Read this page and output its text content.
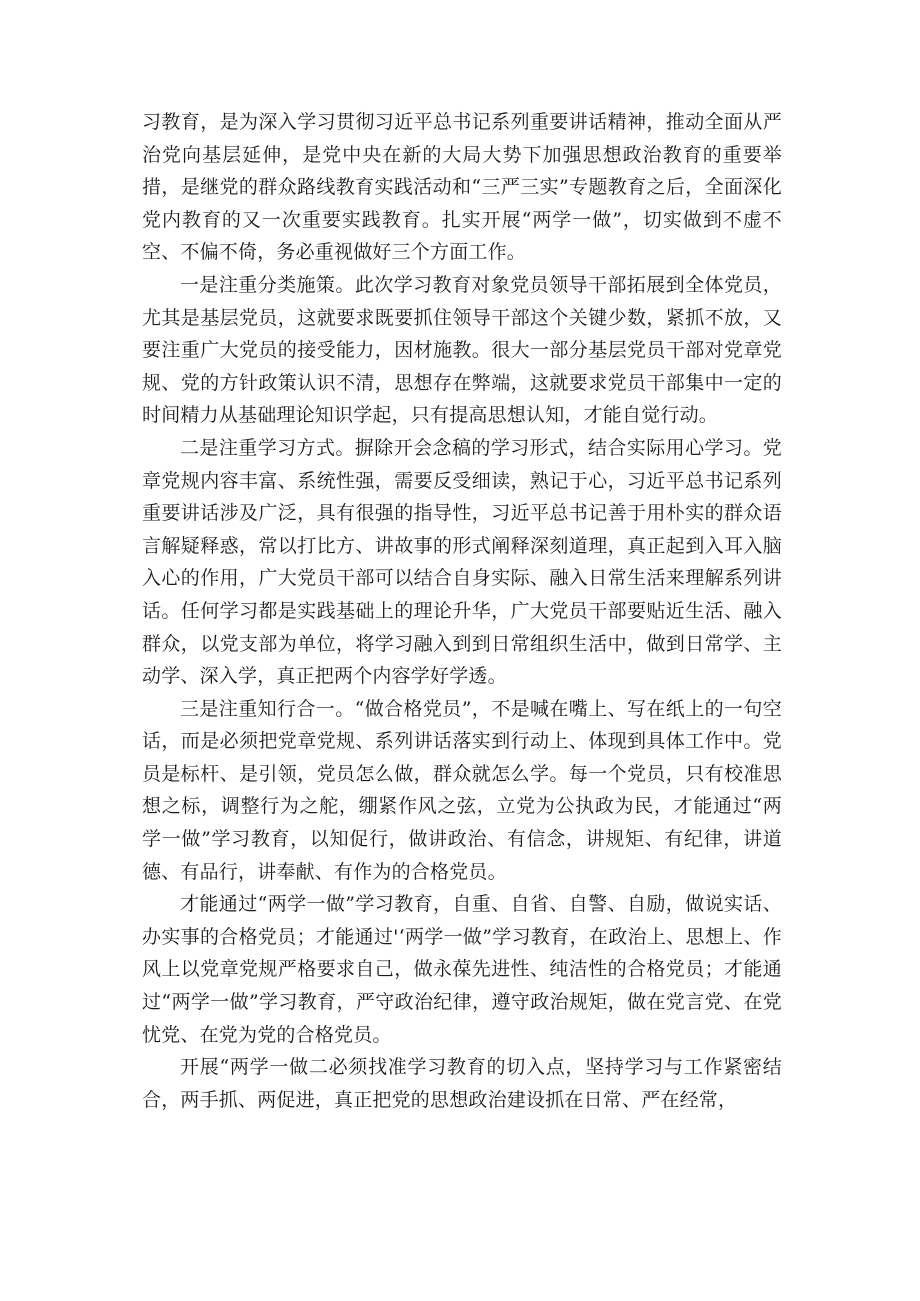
习教育，是为深入学习贯彻习近平总书记系列重要讲话精神，推动全面从严治党向基层延伸，是党中央在新的大局大势下加强思想政治教育的重要举措，是继党的群众路线教育实践活动和“三严三实”专题教育之后，全面深化党内教育的又一次重要实践教育。扎实开展“两学一做”，切实做到不虚不空、不偏不倚，务必重视做好三个方面工作。

一是注重分类施策。此次学习教育对象党员领导干部拓展到全体党员，尤其是基层党员，这就要求既要抓住领导干部这个关键少数，紧抓不放，又要注重广大党员的接受能力，因材施教。很大一部分基层党员干部对党章党规、党的方针政策认识不清，思想存在弊端，这就要求党员干部集中一定的时间精力从基础理论知识学起，只有提高思想认知，才能自觉行动。

二是注重学习方式。摒除开会念稿的学习形式，结合实际用心学习。党章党规内容丰富、系统性强，需要反受细读，熟记于心，习近平总书记系列重要讲话涉及广泛，具有很强的指导性，习近平总书记善于用朴实的群众语言解疑释惑，常以打比方、讲故事的形式阐释深刻道理，真正起到入耳入脑入心的作用，广大党员干部可以结合自身实际、融入日常生活来理解系列讲话。任何学习都是实践基础上的理论升华，广大党员干部要贴近生活、融入群众，以党支部为单位，将学习融入到到日常组织生活中，做到日常学、主动学、深入学，真正把两个内容学好学透。

三是注重知行合一。“做合格党员”，不是喊在嘴上、写在纸上的一句空话，而是必须把党章党规、系列讲话落实到行动上、体现到具体工作中。党员是标杆、是引领，党员怎么做，群众就怎么学。每一个党员，只有校准思想之标，调整行为之舵，绷紧作风之弦，立党为公执政为民，才能通过“两学一做”学习教育，以知促行，做讲政治、有信念，讲规矩、有纪律，讲道德、有品行，讲奉献、有作为的合格党员。

才能通过“两学一做”学习教育，自重、自省、自警、自励，做说实话、办实事的合格党员；才能通过'‘两学一做”学习教育，在政治上、思想上、作风上以党章党规严格要求自己，做永葆先进性、纯洁性的合格党员；才能通过“两学一做”学习教育，严守政治纪律，遵守政治规矩，做在党言党、在党忧党、在党为党的合格党员。

开展“两学一做二必须找准学习教育的切入点，坚持学习与工作紧密结合，两手抓、两促进，真正把党的思想政治建设抓在日常、严在经常，
